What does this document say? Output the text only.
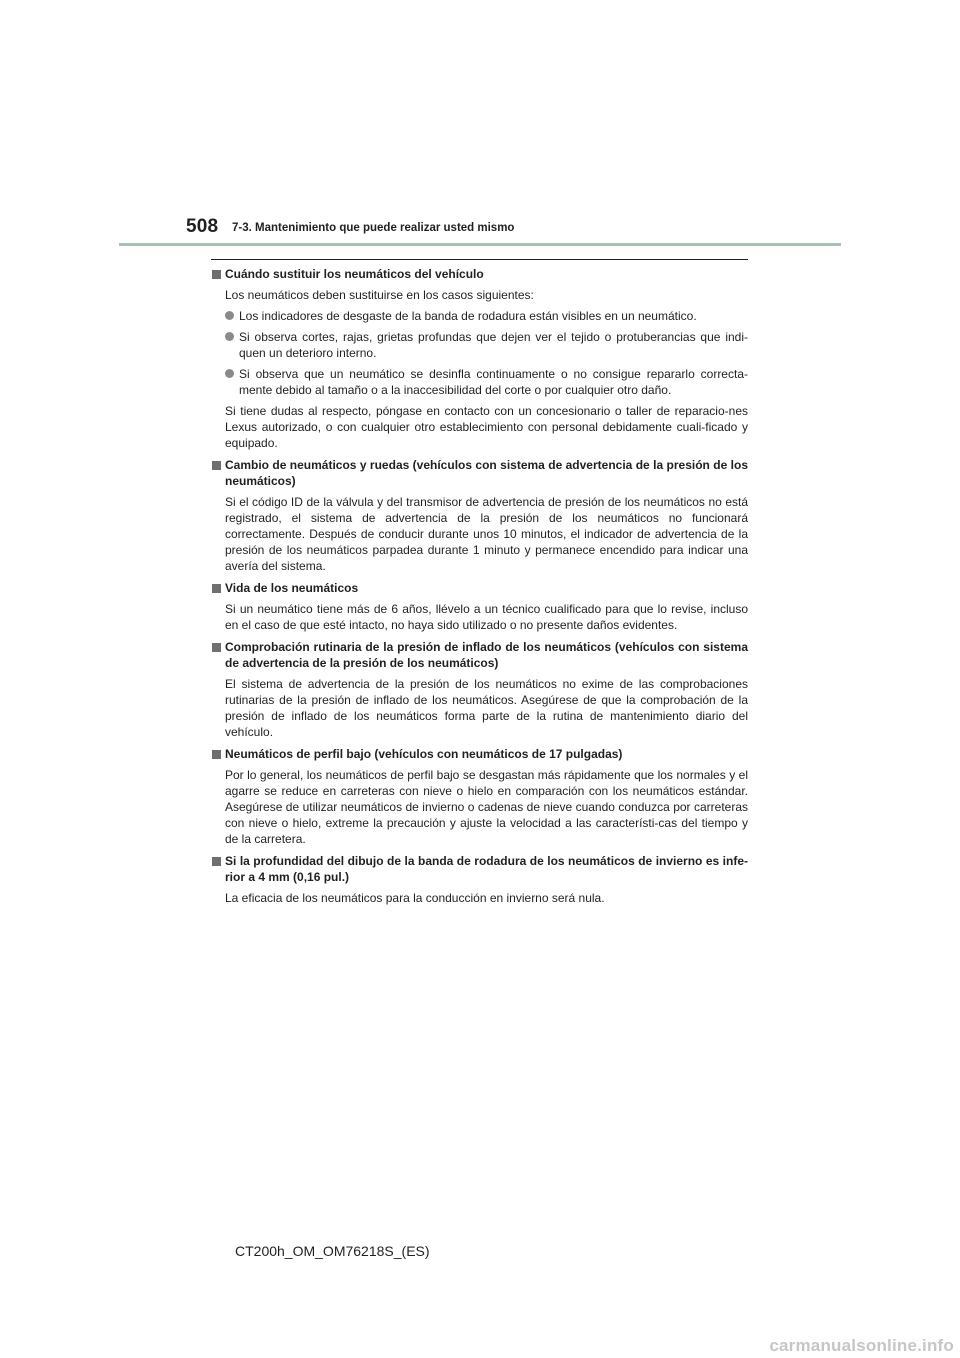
508 7-3. Mantenimiento que puede realizar usted mismo
Cuándo sustituir los neumáticos del vehículo
Los neumáticos deben sustituirse en los casos siguientes:
Los indicadores de desgaste de la banda de rodadura están visibles en un neumático.
Si observa cortes, rajas, grietas profundas que dejen ver el tejido o protuberancias que indi-quen un deterioro interno.
Si observa que un neumático se desinfla continuamente o no consigue repararlo correcta-mente debido al tamaño o a la inaccesibilidad del corte o por cualquier otro daño.
Si tiene dudas al respecto, póngase en contacto con un concesionario o taller de reparacio-nes Lexus autorizado, o con cualquier otro establecimiento con personal debidamente cuali-ficado y equipado.
Cambio de neumáticos y ruedas (vehículos con sistema de advertencia de la presión de los neumáticos)
Si el código ID de la válvula y del transmisor de advertencia de presión de los neumáticos no está registrado, el sistema de advertencia de la presión de los neumáticos no funcionará correctamente. Después de conducir durante unos 10 minutos, el indicador de advertencia de la presión de los neumáticos parpadea durante 1 minuto y permanece encendido para indicar una avería del sistema.
Vida de los neumáticos
Si un neumático tiene más de 6 años, llévelo a un técnico cualificado para que lo revise, incluso en el caso de que esté intacto, no haya sido utilizado o no presente daños evidentes.
Comprobación rutinaria de la presión de inflado de los neumáticos (vehículos con sistema de advertencia de la presión de los neumáticos)
El sistema de advertencia de la presión de los neumáticos no exime de las comprobaciones rutinarias de la presión de inflado de los neumáticos. Asegúrese de que la comprobación de la presión de inflado de los neumáticos forma parte de la rutina de mantenimiento diario del vehículo.
Neumáticos de perfil bajo (vehículos con neumáticos de 17 pulgadas)
Por lo general, los neumáticos de perfil bajo se desgastan más rápidamente que los normales y el agarre se reduce en carreteras con nieve o hielo en comparación con los neumáticos estándar. Asegúrese de utilizar neumáticos de invierno o cadenas de nieve cuando conduzca por carreteras con nieve o hielo, extreme la precaución y ajuste la velocidad a las característi-cas del tiempo y de la carretera.
Si la profundidad del dibujo de la banda de rodadura de los neumáticos de invierno es infe-rior a 4 mm (0,16 pul.)
La eficacia de los neumáticos para la conducción en invierno será nula.
CT200h_OM_OM76218S_(ES)
carmanualsonline.info
